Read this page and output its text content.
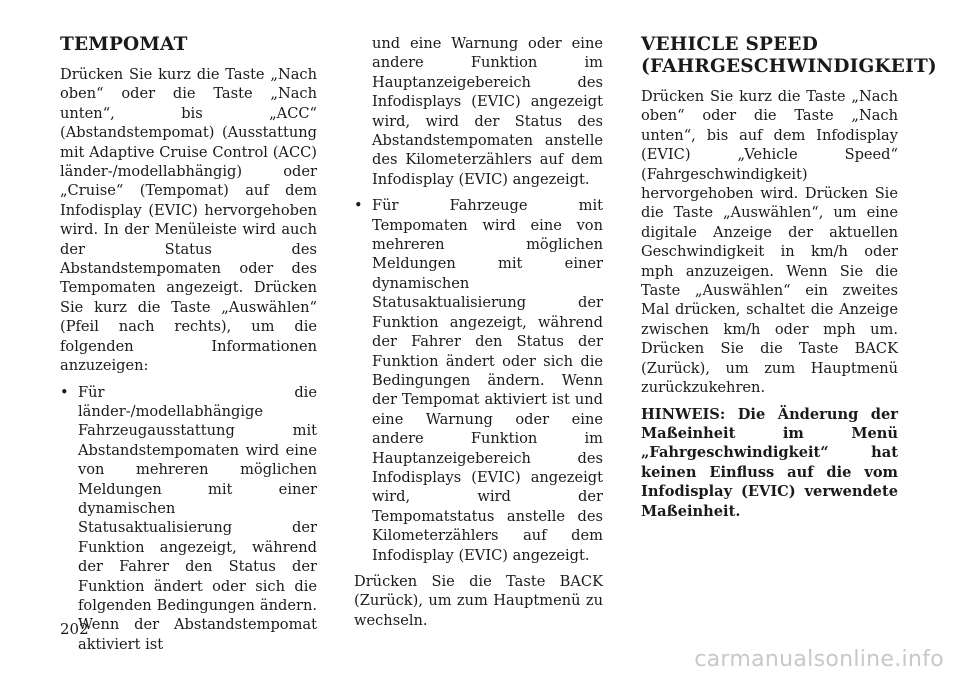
TEMPOMAT

Drücken Sie kurz die Taste „Nach oben“ oder die Taste „Nach unten“, bis „ACC“ (Abstandstempomat) (Ausstattung mit Adaptive Cruise Control (ACC) länder-/modellabhängig) oder „Cruise“ (Tempomat) auf dem Infodisplay (EVIC) hervorgehoben wird. In der Menüleiste wird auch der Status des Abstandstempomaten oder des Tempomaten angezeigt. Drücken Sie kurz die Taste „Auswählen“ (Pfeil nach rechts), um die folgenden Informationen anzuzeigen:

• Für die länder-/modellabhängige Fahrzeugausstattung mit Abstandstempomaten wird eine von mehreren möglichen Meldungen mit einer dynamischen Statusaktualisierung der Funktion angezeigt, während der Fahrer den Status der Funktion ändert oder sich die folgenden Bedingungen ändern. Wenn der Abstandstempomat aktiviert ist

und eine Warnung oder eine andere Funktion im Hauptanzeigebereich des Infodisplays (EVIC) angezeigt wird, wird der Status des Abstandstempomaten anstelle des Kilometerzählers auf dem Infodisplay (EVIC) angezeigt.

• Für Fahrzeuge mit Tempomaten wird eine von mehreren möglichen Meldungen mit einer dynamischen Statusaktualisierung der Funktion angezeigt, während der Fahrer den Status der Funktion ändert oder sich die Bedingungen ändern. Wenn der Tempomat aktiviert ist und eine Warnung oder eine andere Funktion im Hauptanzeigebereich des Infodisplays (EVIC) angezeigt wird, wird der Tempomatstatus anstelle des Kilometerzählers auf dem Infodisplay (EVIC) angezeigt.

Drücken Sie die Taste BACK (Zurück), um zum Hauptmenü zu wechseln.

VEHICLE SPEED
(FAHRGESCHWINDIGKEIT)

Drücken Sie kurz die Taste „Nach oben“ oder die Taste „Nach unten“, bis auf dem Infodisplay (EVIC) „Vehicle Speed“ (Fahrgeschwindigkeit) hervorgehoben wird. Drücken Sie die Taste „Auswählen“, um eine digitale Anzeige der aktuellen Geschwindigkeit in km/h oder mph anzuzeigen. Wenn Sie die Taste „Auswählen“ ein zweites Mal drücken, schaltet die Anzeige zwischen km/h oder mph um. Drücken Sie die Taste BACK (Zurück), um zum Hauptmenü zurückzukehren.

HINWEIS: Die Änderung der Maßeinheit im Menü „Fahrgeschwindigkeit“ hat keinen Einfluss auf die vom Infodisplay (EVIC) verwendete Maßeinheit.

202
carmanualsonline.info
